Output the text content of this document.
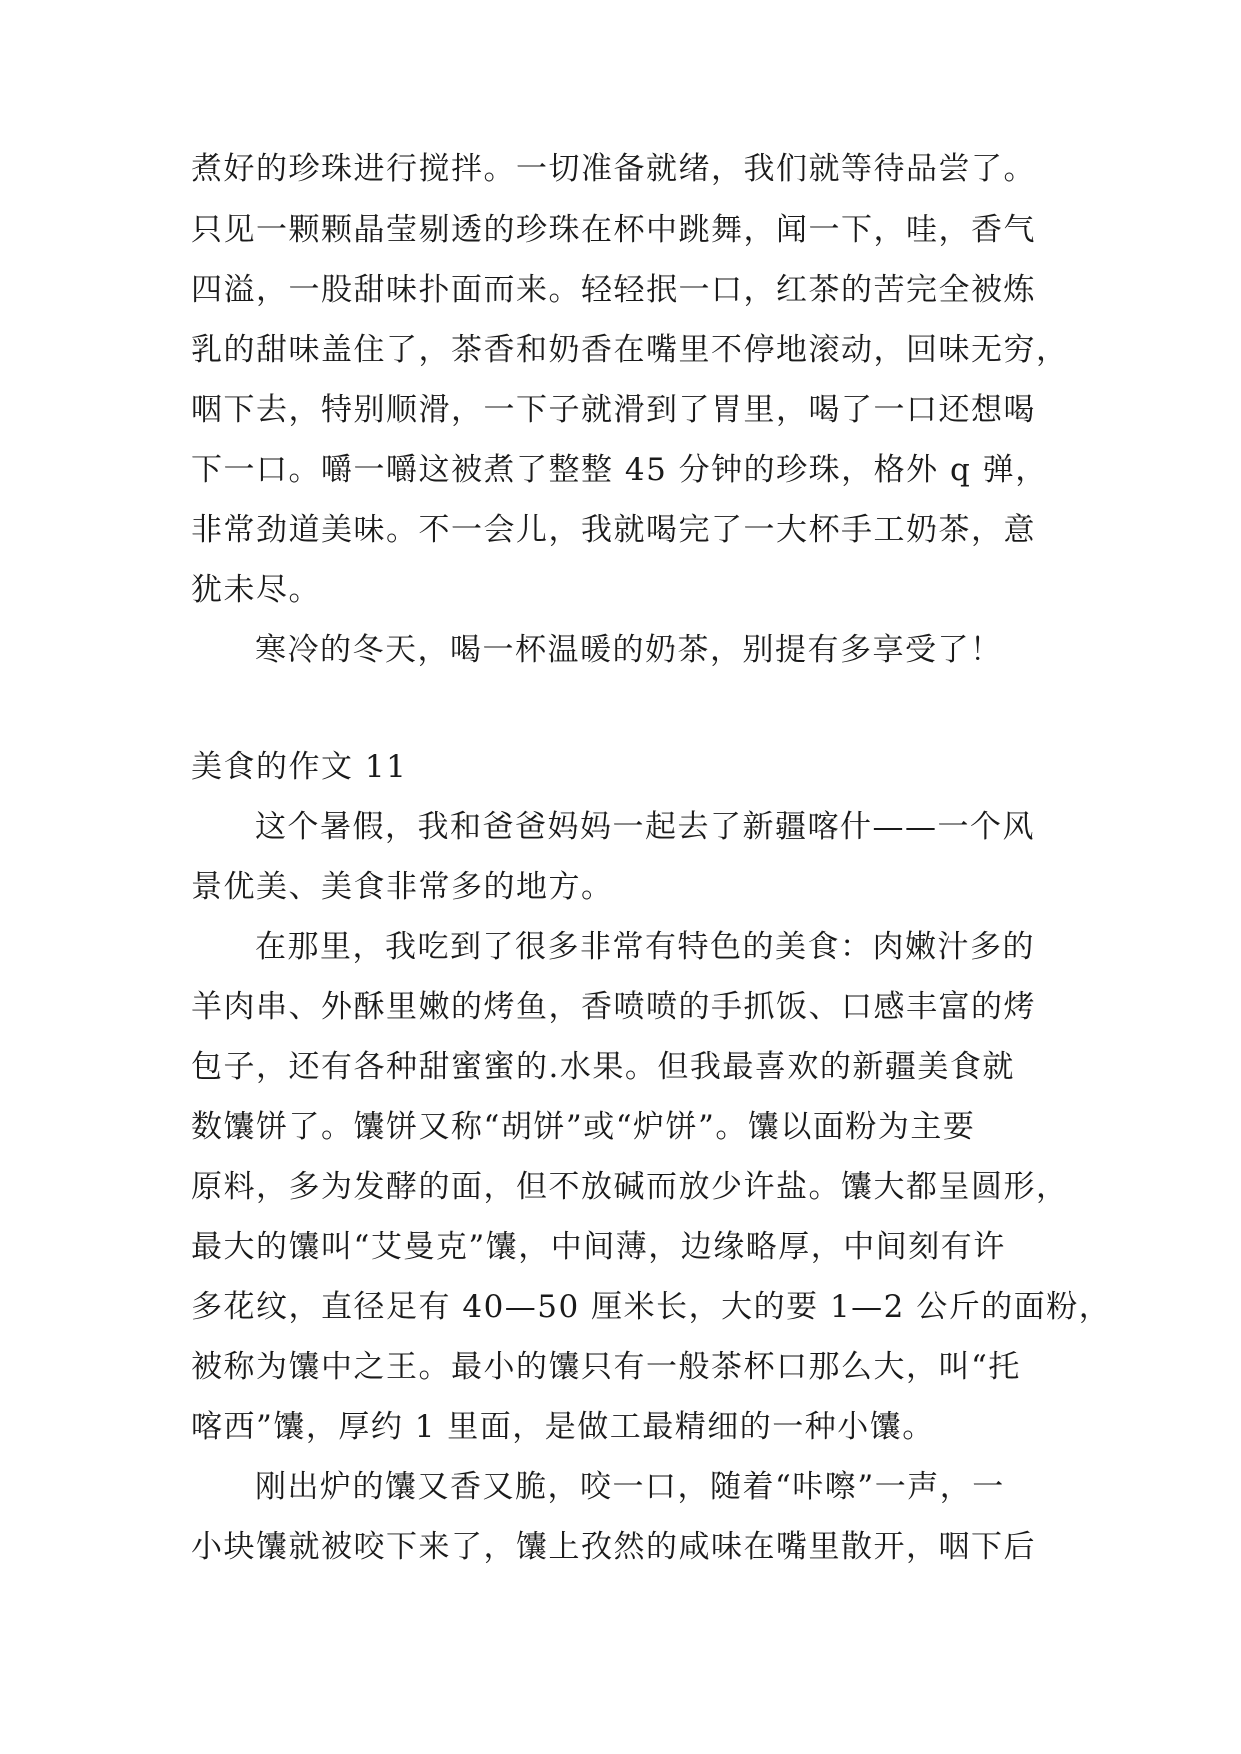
煮好的珍珠进行搅拌。一切准备就绪，我们就等待品尝了。
只见一颗颗晶莹剔透的珍珠在杯中跳舞，闻一下，哇，香气
四溢，一股甜味扑面而来。轻轻抿一口，红茶的苦完全被炼
乳的甜味盖住了，茶香和奶香在嘴里不停地滚动，回味无穷，
咽下去，特别顺滑，一下子就滑到了胃里，喝了一口还想喝
下一口。嚼一嚼这被煮了整整 45 分钟的珍珠，格外 q 弹，
非常劲道美味。不一会儿，我就喝完了一大杯手工奶茶，意
犹未尽。
寒冷的冬天，喝一杯温暖的奶茶，别提有多享受了！
美食的作文 11
这个暑假，我和爸爸妈妈一起去了新疆喀什——一个风
景优美、美食非常多的地方。
在那里，我吃到了很多非常有特色的美食：肉嫩汁多的
羊肉串、外酥里嫩的烤鱼，香喷喷的手抓饭、口感丰富的烤
包子，还有各种甜蜜蜜的.水果。但我最喜欢的新疆美食就
数馕饼了。馕饼又称“胡饼”或“炉饼”。馕以面粉为主要
原料，多为发酵的面，但不放碱而放少许盐。馕大都呈圆形，
最大的馕叫“艾曼克”馕，中间薄，边缘略厚，中间刻有许
多花纹，直径足有 40—50 厘米长，大的要 1—2 公斤的面粉，
被称为馕中之王。最小的馕只有一般茶杯口那么大，叫“托
喀西”馕，厚约 1 里面，是做工最精细的一种小馕。
刚出炉的馕又香又脆，咬一口，随着“咔嚓”一声，一
小块馕就被咬下来了，馕上孜然的咸味在嘴里散开，咽下后
